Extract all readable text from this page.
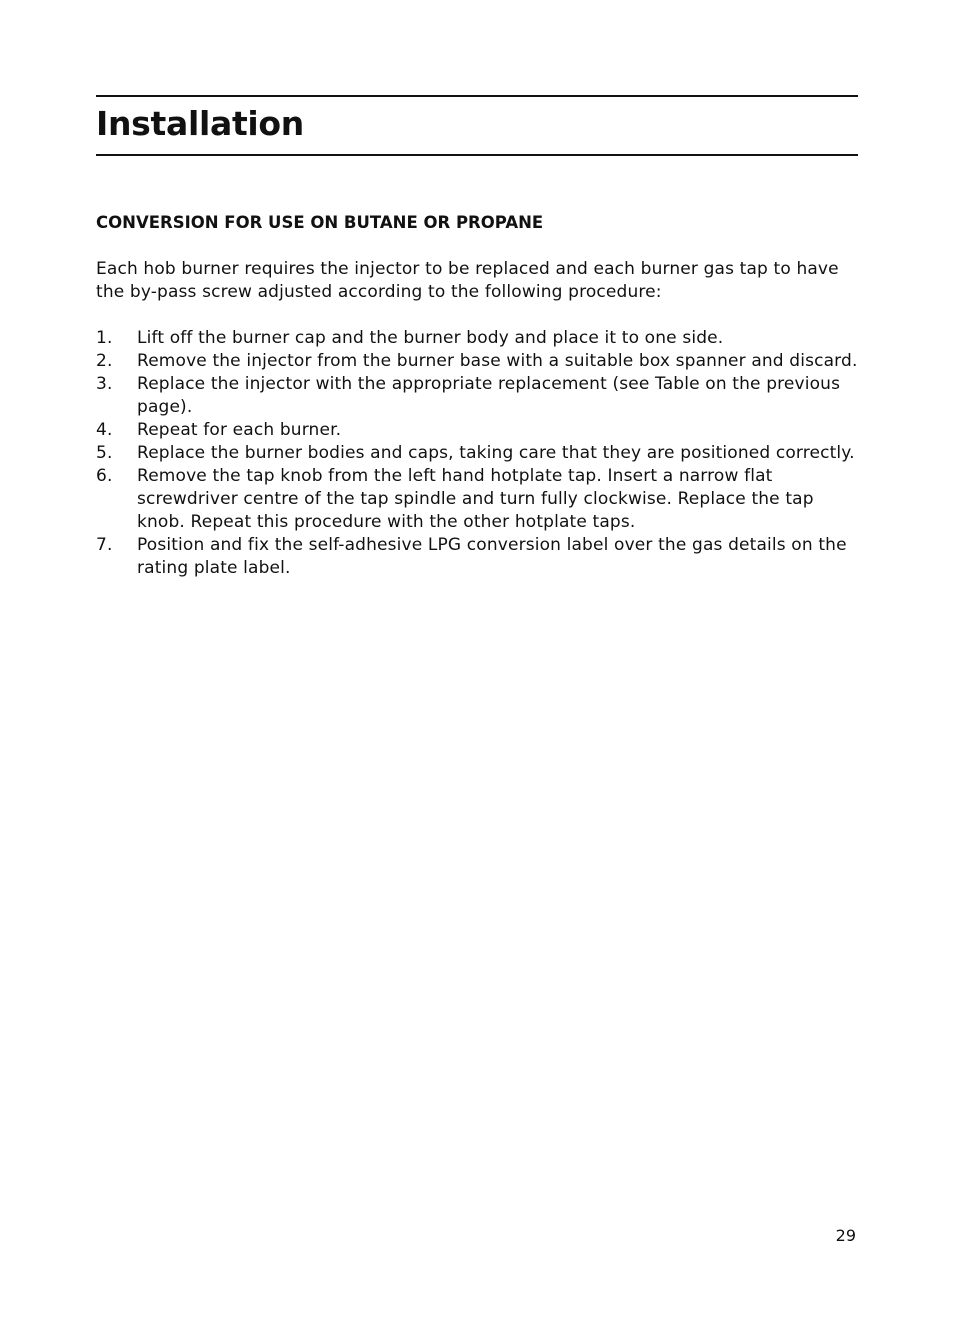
Installation
CONVERSION FOR USE ON BUTANE OR PROPANE

Each hob burner requires the injector to be replaced and each burner gas tap to have the by-pass screw adjusted according to the following procedure:

1.	Lift off the burner cap and the burner body and place it to one side.
2.	Remove the injector from the burner base with a suitable box spanner and discard.
3.	Replace the injector with the appropriate replacement (see Table on the previous page).
4.	Repeat for each burner.
5.	Replace the burner bodies and caps, taking care that they are positioned correctly.
6.	Remove the tap knob from the left hand hotplate tap. Insert a narrow flat screwdriver centre of the tap spindle and turn fully clockwise. Replace the tap knob. Repeat this procedure with the other hotplate taps.
7.	Position and fix the self-adhesive LPG conversion label over the gas details on the rating plate label.
29
